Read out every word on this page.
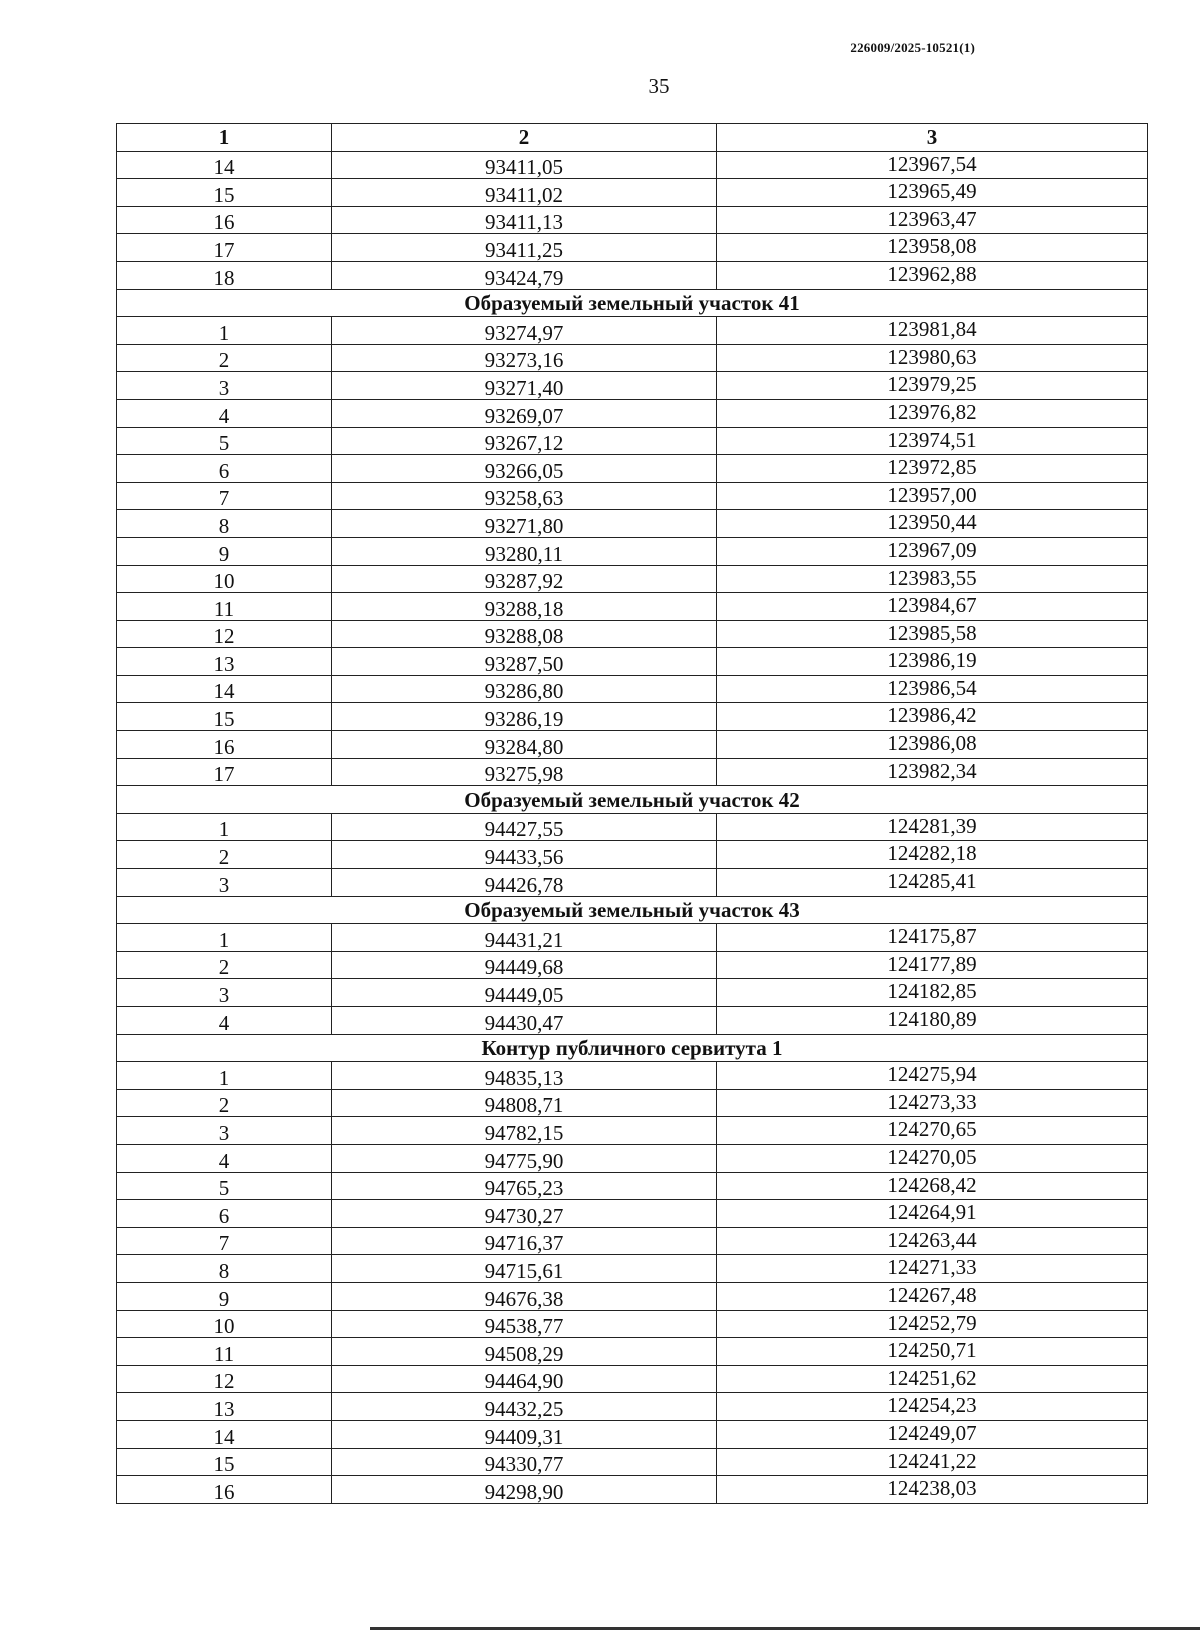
226009/2025-10521(1)
35
1	2	3
14	93411,05	123967,54
15	93411,02	123965,49
16	93411,13	123963,47
17	93411,25	123958,08
18	93424,79	123962,88
Образуемый земельный участок 41		
1	93274,97	123981,84
2	93273,16	123980,63
3	93271,40	123979,25
4	93269,07	123976,82
5	93267,12	123974,51
6	93266,05	123972,85
7	93258,63	123957,00
8	93271,80	123950,44
9	93280,11	123967,09
10	93287,92	123983,55
11	93288,18	123984,67
12	93288,08	123985,58
13	93287,50	123986,19
14	93286,80	123986,54
15	93286,19	123986,42
16	93284,80	123986,08
17	93275,98	123982,34
Образуемый земельный участок 42		
1	94427,55	124281,39
2	94433,56	124282,18
3	94426,78	124285,41
Образуемый земельный участок 43		
1	94431,21	124175,87
2	94449,68	124177,89
3	94449,05	124182,85
4	94430,47	124180,89
Контур публичного сервитута 1		
1	94835,13	124275,94
2	94808,71	124273,33
3	94782,15	124270,65
4	94775,90	124270,05
5	94765,23	124268,42
6	94730,27	124264,91
7	94716,37	124263,44
8	94715,61	124271,33
9	94676,38	124267,48
10	94538,77	124252,79
11	94508,29	124250,71
12	94464,90	124251,62
13	94432,25	124254,23
14	94409,31	124249,07
15	94330,77	124241,22
16	94298,90	124238,03
